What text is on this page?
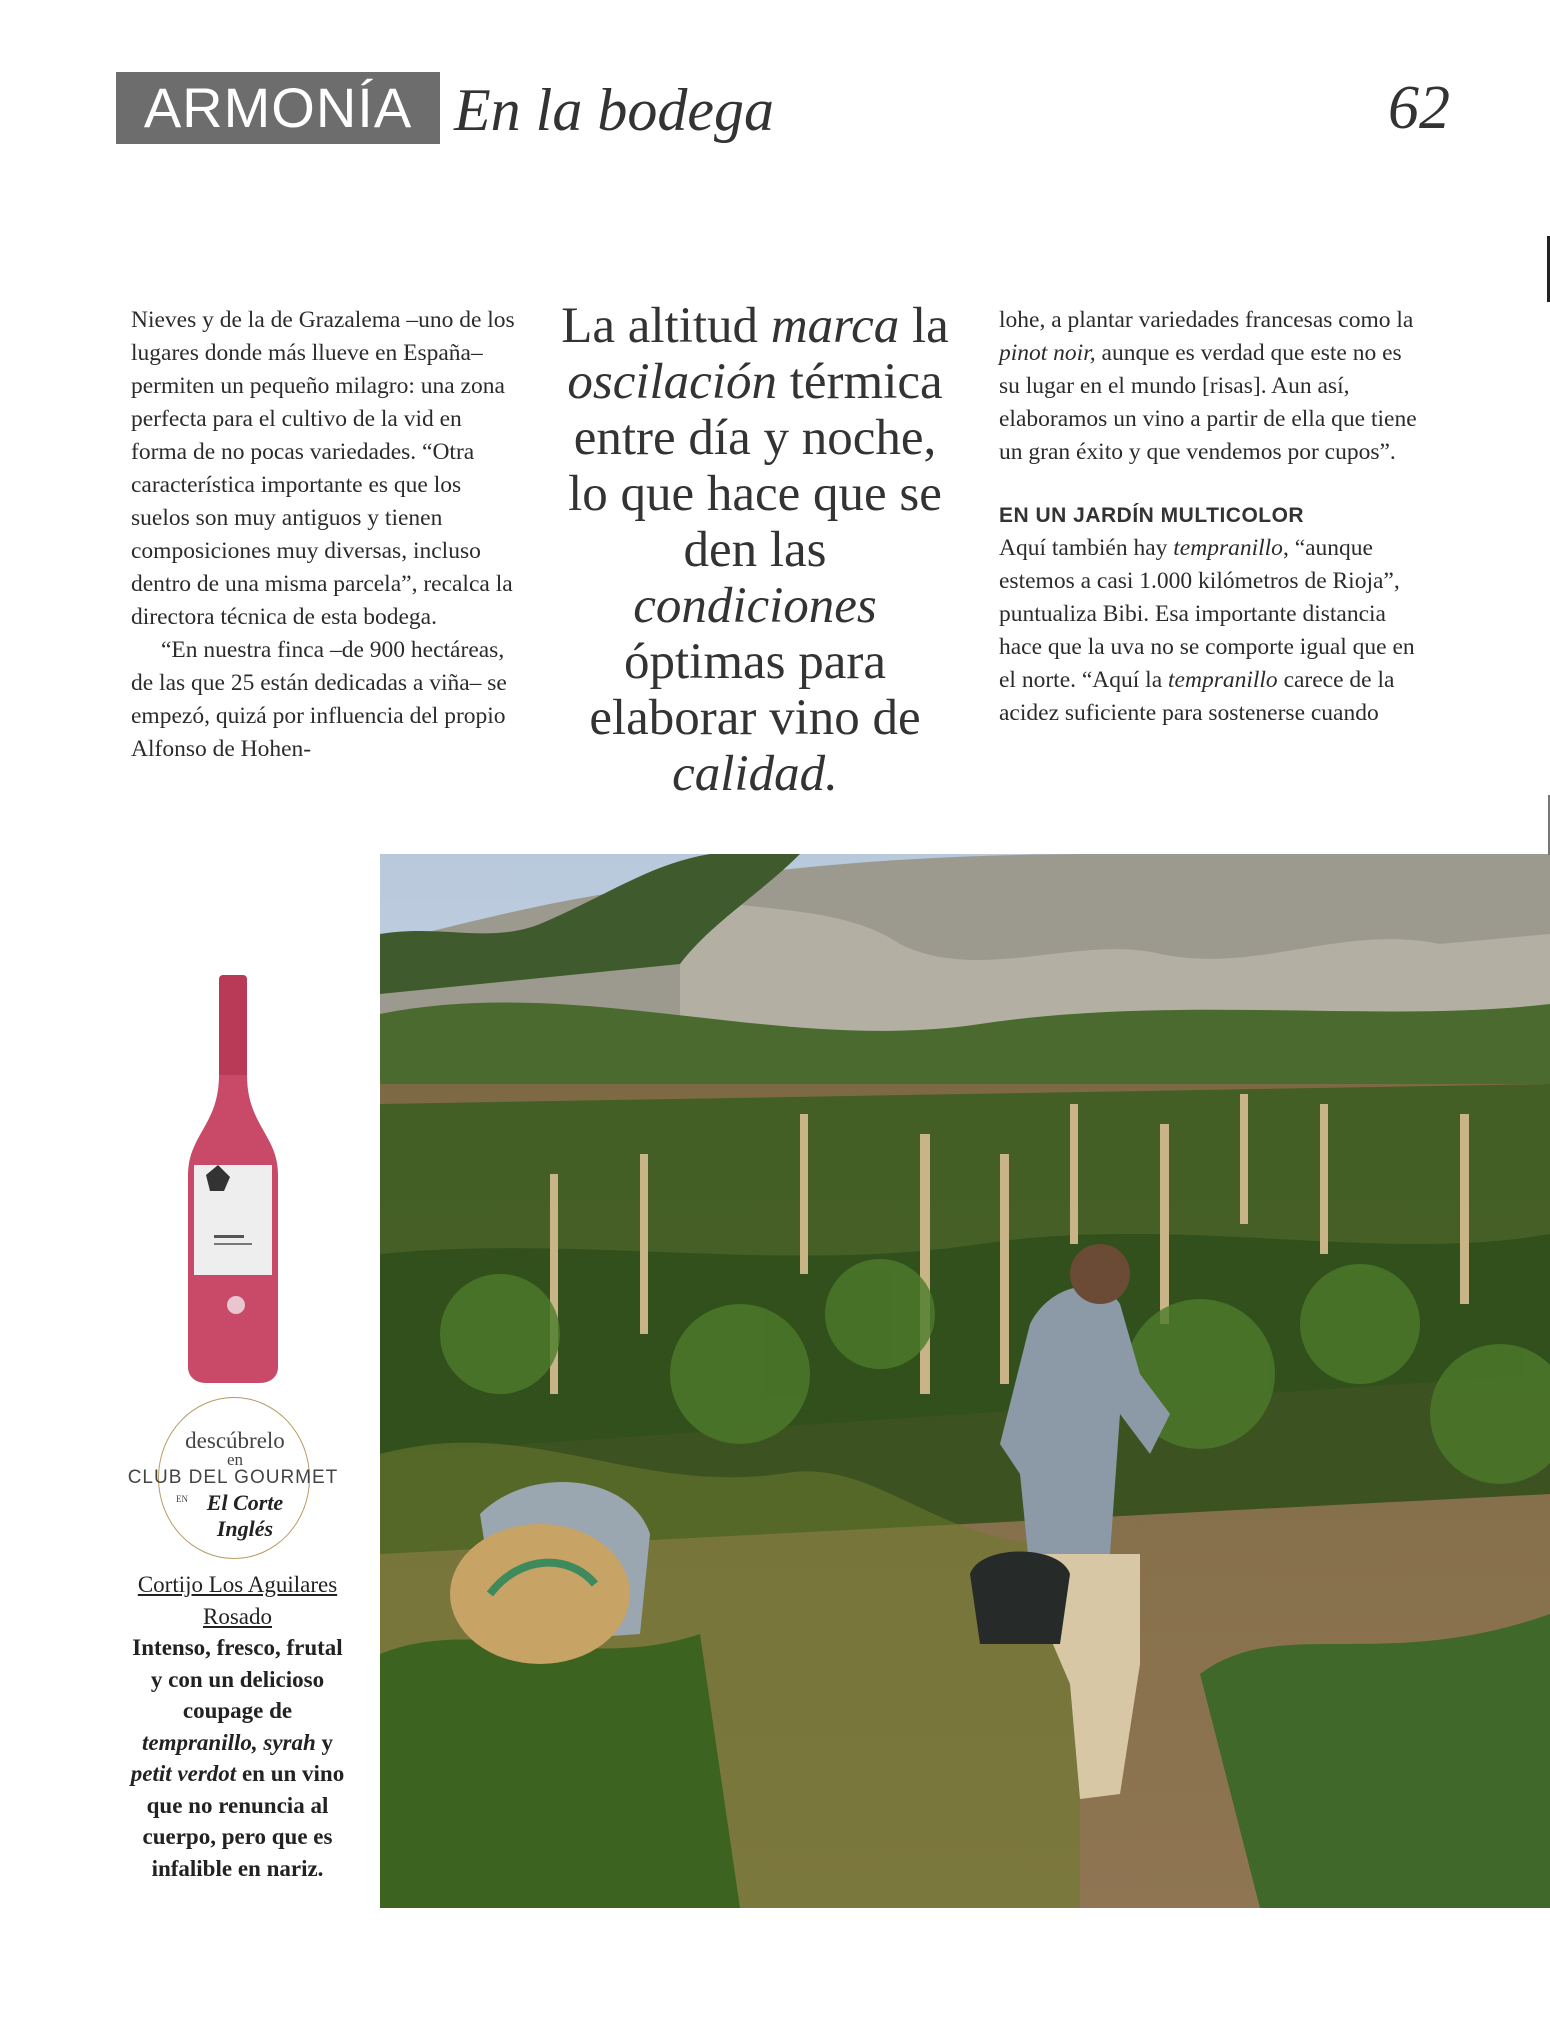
ARMONÍA En la bodega	62

Nieves y de la de Grazalema –uno de los lugares donde más llueve en España– permiten un pequeño milagro: una zona perfecta para el cultivo de la vid en forma de no pocas variedades. “Otra característica importante es que los suelos son muy antiguos y tienen composiciones muy diversas, incluso dentro de una misma parcela”, recalca la directora técnica de esta bodega.

“En nuestra finca –de 900 hectáreas, de las que 25 están dedicadas a viña– se empezó, quizá por influencia del propio Alfonso de Hohen-

La altitud marca la oscilación térmica entre día y noche, lo que hace que se den las condiciones óptimas para elaborar vino de calidad.

lohe, a plantar variedades francesas como la pinot noir, aunque es verdad que este no es su lugar en el mundo [risas]. Aun así, elaboramos un vino a partir de ella que tiene un gran éxito y que vendemos por cupos”.

EN UN JARDÍN MULTICOLOR

Aquí también hay tempranillo, “aunque estemos a casi 1.000 kilómetros de Rioja”, puntualiza Bibi. Esa importante distancia hace que la uva no se comporte igual que en el norte. “Aquí la tempranillo carece de la acidez suficiente para sostenerse cuando

descúbrelo
en
CLUB DEL GOURMET
EN El Corte Inglés
Cortijo Los Aguilares Rosado
Intenso, fresco, frutal y con un delicioso coupage de tempranillo, syrah y petit verdot en un vino que no renuncia al cuerpo, pero que es infalible en nariz.
